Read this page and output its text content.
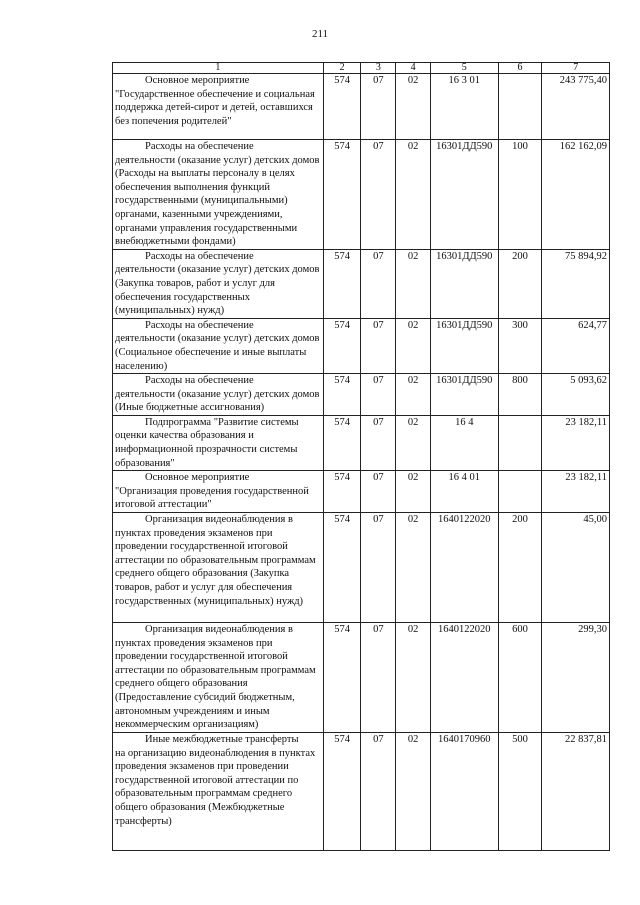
211
1	2	3	4	5	6	7

Основное мероприятие
"Государственное обеспечение и социальная поддержка детей-сирот и детей, оставшихся без попечения родителей"	574	07	02	16 3 01		243 775,40

Расходы на обеспечение
деятельности (оказание услуг) детских домов (Расходы на выплаты персоналу в целях обеспечения выполнения функций государственными (муниципальными) органами, казенными учреждениями, органами управления государственными внебюджетными фондами)	574	07	02	16301ДД590	100	162 162,09

Расходы на обеспечение
деятельности (оказание услуг) детских домов (Закупка товаров, работ и услуг для обеспечения государственных (муниципальных) нужд)	574	07	02	16301ДД590	200	75 894,92

Расходы на обеспечение
деятельности (оказание услуг) детских домов (Социальное обеспечение и иные выплаты населению)	574	07	02	16301ДД590	300	624,77

Расходы на обеспечение
деятельности (оказание услуг) детских домов (Иные бюджетные ассигнования)	574	07	02	16301ДД590	800	5 093,62

Подпрограмма "Развитие системы
оценки качества образования и информационной прозрачности системы образования"	574	07	02	16 4		23 182,11

Основное мероприятие
"Организация проведения государственной итоговой аттестации"	574	07	02	16 4 01		23 182,11

Организация видеонаблюдения в
пунктах проведения экзаменов при проведении государственной итоговой аттестации по образовательным программам среднего общего образования (Закупка товаров, работ и услуг для обеспечения государственных (муниципальных) нужд)	574	07	02	1640122020	200	45,00

Организация видеонаблюдения в
пунктах проведения экзаменов при проведении государственной итоговой аттестации по образовательным программам среднего общего образования (Предоставление субсидий бюджетным, автономным учреждениям и иным некоммерческим организациям)	574	07	02	1640122020	600	299,30

Иные межбюджетные трансферты
на организацию видеонаблюдения в пунктах проведения экзаменов при проведении государственной итоговой аттестации по образовательным программам среднего общего образования (Межбюджетные трансферты)	574	07	02	1640170960	500	22 837,81
